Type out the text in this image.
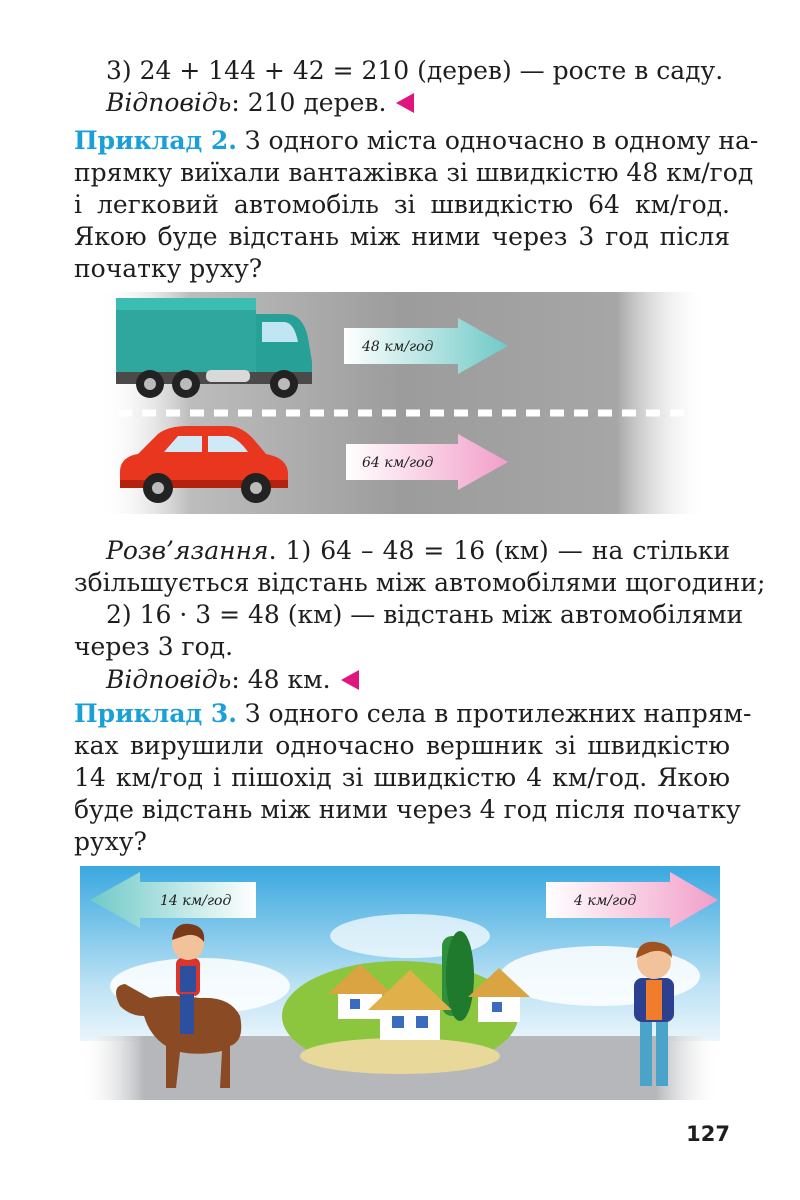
3) 24 + 144 + 42 = 210 (дерев) — росте в саду.
Відповідь: 210 дерев.
Приклад 2. З одного міста одночасно в одному на-
прямку виїхали вантажівка зі швидкістю 48 км/год
і легковий автомобіль зі швидкістю 64 км/год.
Якою буде відстань між ними через 3 год після
початку руху?
48 км/год
64 км/год
Розв’язання. 1) 64 – 48 = 16 (км) — на стільки
збільшується відстань між автомобілями щогодини;
2) 16 · 3 = 48 (км) — відстань між автомобілями
через 3 год.
Відповідь: 48 км.
Приклад 3. З одного села в протилежних напрям-
ках вирушили одночасно вершник зі швидкістю
14 км/год і пішохід зі швидкістю 4 км/год. Якою
буде відстань між ними через 4 год після початку
руху?
14 км/год	4 км/год
127
